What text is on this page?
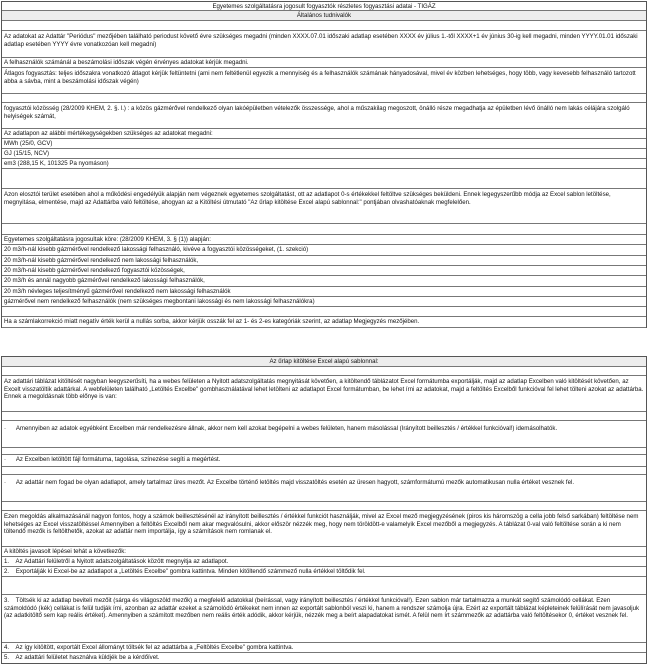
Egyetemes szolgáltatásra jogosult fogyasztók részletes fogyasztási adatai - TIGÁZ
Általános tudnivalók
Az adatokat az Adattár "Periódus" mezőjében található periodust követő évre szükséges megadni (minden XXXX.07.01 időszaki adatlap esetében XXXX év július 1.-től XXXX+1 év június 30-ig kell megadni, minden YYYY.01.01 időszaki adatlap esetében YYYY évre vonatkozóan kell megadni)
A felhasználók számánál a beszámolási időszak végén érvényes adatokat kérjük megadni.
Átlagos fogyasztás: teljes időszakra vonatkozó átlagot kérjük feltüntetni (ami nem feltétlenül egyezik a mennyiség és a felhasználók számának hányadosával, mivel év közben lehetséges, hogy több, vagy kevesebb felhasználó tartozott abba a sávba, mint a beszámolási időszak végén)
fogyasztói közösség (28/2009 KHEM, 2. §. l.) : a közös gázmérővel rendelkező olyan lakóépületben vételezők összessége, ahol a műszakilag megoszott, önálló része megadhatja az épületben lévő önálló nem lakás célájára szolgáló helyiségek számát,
Az adatlapon az alábbi mértékegységekben szükséges az adatokat megadni:
MWh (25/0, GCV)
GJ (15/15, NCV)
em3 (288,15 K, 101325 Pa nyomáson)
Azon elosztói terület esetében ahol a működési engedélyük alapján nem végeznek egyetemes szolgáltatást, ott az adatlapot 0-s értékekkel feltöltve szükséges beküldeni. Ennek legegyszerűbb módja az Excel sablon letöltése, megnyitása, elmentése, majd az Adattárba való feltöltése, ahogyan az a Kitöltési útmutató "Az űrlap kitöltése Excel alapú sablonnal:" pontjában olvashatóaknak megfelelően.
Egyetemes szolgáltatásra jogosultak köre: (28/2009 KHEM, 3. § (1)) alapján:
20 m3/h-nál kisebb gázmérővel rendelkező lakossági felhasználó, kivéve a fogyasztói közösségeket, (1. szekció)
20 m3/h-nál kisebb gázmérővel rendelkező nem lakossági felhasználók,
20 m3/h-nál kisebb gázmérővel rendelkező fogyasztói közösségek,
20 m3/h és annál nagyobb gázmérővel rendelkező lakossági felhasználók,
20 m3/h névleges teljesítményű gázmérővel rendelkező nem lakossági felhasználók
gázmérővel nem rendelkező felhasználók (nem szükséges megbontani lakossági és nem lakossági felhasználókra)
Ha a számlakorrekció miatt negatív érték kerül a nullás sorba, akkor kérjük osszák fel az 1- és 2-es kategóriák szerint, az adatlap Megjegyzés mezőjében.
Az űrlap kitöltése Excel alapú sablonnal:
Az adattári táblázat kitöltését nagyban leegyszerűsíti, ha a webes felületen a Nyitott adatszolgáltatás megnyitását követően, a kitöltendő táblázatot Excel formátumba exportálják, majd az adatlap Excelben való kitöltését követően, az Excelt visszatöltik adattárkal. A webfelületen található „Letöltés Excelbe" gombhasználatával lehet letölteni az adatlapot Excel formátumban, be lehet írni az adatokat, majd a feltöltés Excelből funkcióval fel lehet tölteni azokat az adattárba. Ennek a megoldásnak több előnye is van:
·      Amennyiben az adatok egyébként Excelben már rendelkezésre állnak, akkor nem kell azokat begépelni a webes felületen, hanem másolással (Irányított beillesztés / értékkel funkcióval!) idemásolhatók.
·      Az Excelben letöltött fájl formátuma, tagolása, színezése segíti a megértést.
·      Az adattár nem fogad be olyan adatlapot, amely tartalmaz üres mezőt. Az Excelbe történő letöltés majd visszatöltés esetén az üresen hagyott, számformátumú mezők automatikusan nulla értéket vesznek fel.
Ezen megoldás alkalmazásánál nagyon fontos, hogy a számok beillesztésénél az irányított beillesztés / értékkel funkciót használják, mivel az Excel mező megjegyzésének (piros kis háromszög a cella jobb felső sarkában) feltöltése nem lehetséges az Excel visszatöltéssel Amennyiben a feltöltés Excelből nem akar megvalósulni, akkor először nézzék meg, hogy nem töröldött-e valamelyik Excel mezőből a megjegyzés. A táblázat 0-val való feltöltése során a ki nem töltendő mezők is feltölthetők, azokat az adattár nem importálja, így a számítások nem romlanak el.
A kitöltés javasolt lépései tehát a következők:
1.    Az Adattári felületről a Nyitott adatszolgáltatások között megnyitja az adatlapot.
2.    Exportálják ki Excel-be az adatlapot a „Letöltés Excelbe" gombra kattintva. Minden kitöltendő számmező nulla értékkel töltődik fel.
3.    Töltsék ki az adatlap beviteli mezőit (sárga és világoszöld mezők) a megfelelő adatokkal (beírással, vagy irányított beillesztés / értékkel funkcióval!). Ezen sablon már tartalmazza a munkát segítő számolódó cellákat. Ezen számoldódó (kék) cellákat is felül tudják írni, azonban az adattár ezeket a számolódó értékeket nem innen az exportált sablonból veszi ki, hanem a rendszer számolja újra. Ezért az exportált táblázat képleteinek felülírását nem javasoljuk (az adatkitöltő sem kap reális értéket). Amennyiben a számított mezőben nem reális érték adódik, akkor kérjük, nézzék meg a beírt alapadatokat ismét. A felül nem írt számmezők az adattárba való feltöltésekor 0, értéket vesznek fel.
4.    Az így kitöltött, exportált Excel állományt töltsék fel az adattárba a „Feltöltés Excelbe" gombra kattintva.
5.    Az adattári felületet használva küldjék be a kérdőívet.
